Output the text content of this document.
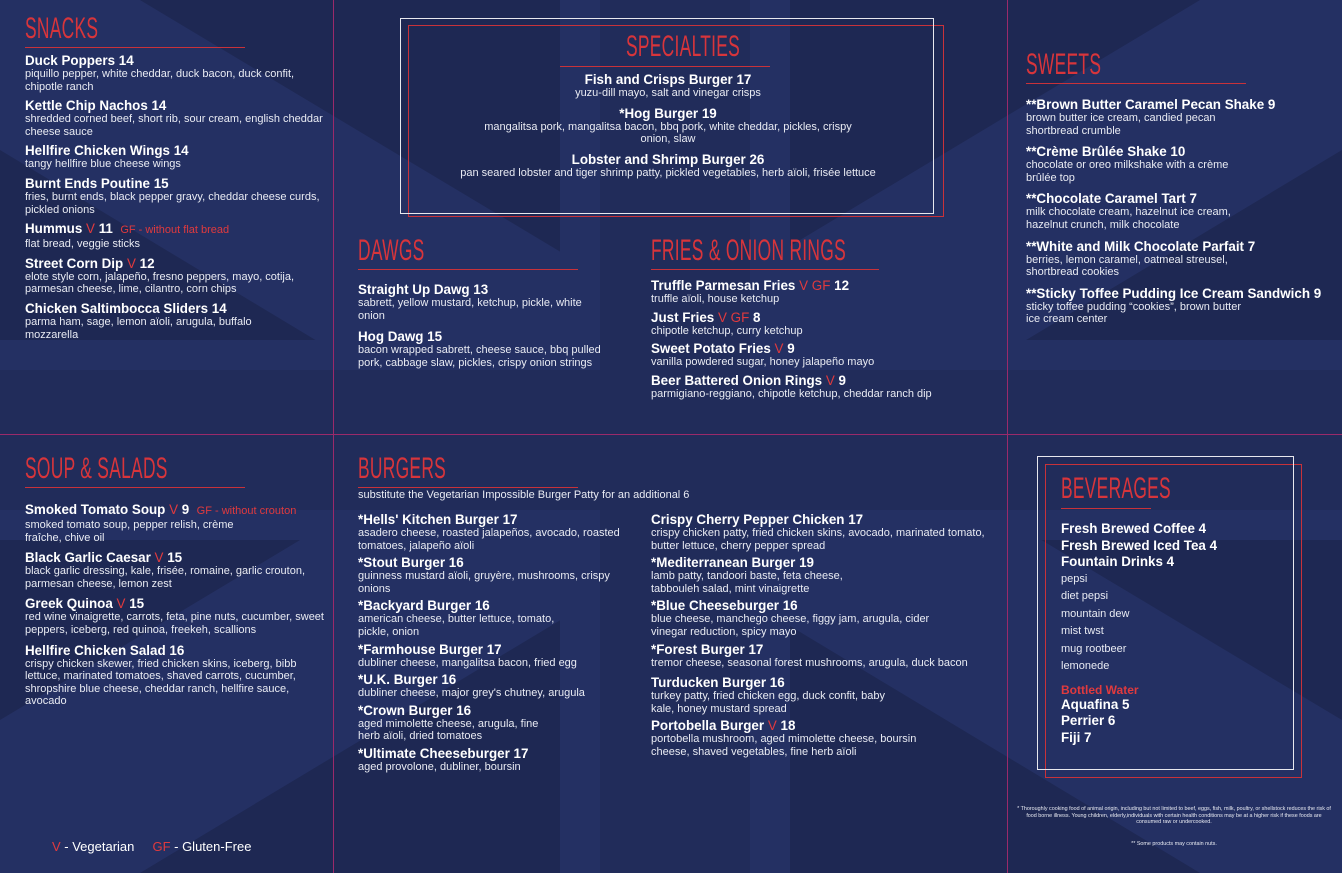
SNACKS
Duck Poppers 14
piquillo pepper, white cheddar, duck bacon, duck confit, chipotle ranch
Kettle Chip Nachos 14
shredded corned beef, short rib, sour cream, english cheddar cheese sauce
Hellfire Chicken Wings 14
tangy hellfire blue cheese wings
Burnt Ends Poutine 15
fries, burnt ends, black pepper gravy, cheddar cheese curds, pickled onions
Hummus V 11 GF - without flat bread
flat bread, veggie sticks
Street Corn Dip V 12
elote style corn, jalapeño, fresno peppers, mayo, cotija, parmesan cheese, lime, cilantro, corn chips
Chicken Saltimbocca Sliders 14
parma ham, sage, lemon aïoli, arugula, buffalo mozzarella
SPECIALTIES
Fish and Crisps Burger 17
yuzu-dill mayo, salt and vinegar crisps
*Hog Burger 19
mangalitsa pork, mangalitsa bacon, bbq pork, white cheddar, pickles, crispy onion, slaw
Lobster and Shrimp Burger 26
pan seared lobster and tiger shrimp patty, pickled vegetables, herb aïoli, frisée lettuce
DAWGS
Straight Up Dawg 13
sabrett, yellow mustard, ketchup, pickle, white onion
Hog Dawg 15
bacon wrapped sabrett, cheese sauce, bbq pulled pork, cabbage slaw, pickles, crispy onion strings
FRIES & ONION RINGS
Truffle Parmesan Fries V GF 12
truffle aïoli, house ketchup
Just Fries V GF 8
chipotle ketchup, curry ketchup
Sweet Potato Fries V 9
vanilla powdered sugar, honey jalapeño mayo
Beer Battered Onion Rings V 9
parmigiano-reggiano, chipotle ketchup, cheddar ranch dip
SWEETS
**Brown Butter Caramel Pecan Shake 9
brown butter ice cream, candied pecan shortbread crumble
**Crème Brûlée Shake 10
chocolate or oreo milkshake with a crème brûlée top
**Chocolate Caramel Tart 7
milk chocolate cream, hazelnut ice cream, hazelnut crunch, milk chocolate
**White and Milk Chocolate Parfait 7
berries, lemon caramel, oatmeal streusel, shortbread cookies
**Sticky Toffee Pudding Ice Cream Sandwich 9
sticky toffee pudding “cookies”, brown butter ice cream center
SOUP & SALADS
Smoked Tomato Soup V 9 GF - without crouton
smoked tomato soup, pepper relish, crème fraîche, chive oil
Black Garlic Caesar V 15
black garlic dressing, kale, frisée, romaine, garlic crouton, parmesan cheese, lemon zest
Greek Quinoa V 15
red wine vinaigrette, carrots, feta, pine nuts, cucumber, sweet peppers, iceberg, red quinoa, freekeh, scallions
Hellfire Chicken Salad 16
crispy chicken skewer, fried chicken skins, iceberg, bibb lettuce, marinated tomatoes, shaved carrots, cucumber, shropshire blue cheese, cheddar ranch, hellfire sauce, avocado
BURGERS
substitute the Vegetarian Impossible Burger Patty for an additional 6
*Hells' Kitchen Burger 17
asadero cheese, roasted jalapeños, avocado, roasted tomatoes, jalapeño aïoli
*Stout Burger 16
guinness mustard aïoli, gruyère, mushrooms, crispy onions
*Backyard Burger 16
american cheese, butter lettuce, tomato, pickle, onion
*Farmhouse Burger 17
dubliner cheese, mangalitsa bacon, fried egg
*U.K. Burger 16
dubliner cheese, major grey's chutney, arugula
*Crown Burger 16
aged mimolette cheese, arugula, fine herb aïoli, dried tomatoes
*Ultimate Cheeseburger 17
aged provolone, dubliner, boursin
Crispy Cherry Pepper Chicken 17
crispy chicken patty, fried chicken skins, avocado, marinated tomato, butter lettuce, cherry pepper spread
*Mediterranean Burger 19
lamb patty, tandoori baste, feta cheese, tabbouleh salad, mint vinaigrette
*Blue Cheeseburger 16
blue cheese, manchego cheese, figgy jam, arugula, cider vinegar reduction, spicy mayo
*Forest Burger 17
tremor cheese, seasonal forest mushrooms, arugula, duck bacon
Turducken Burger 16
turkey patty, fried chicken egg, duck confit, baby kale, honey mustard spread
Portobella Burger V 18
portobella mushroom, aged mimolette cheese, boursin cheese, shaved vegetables, fine herb aïoli
BEVERAGES
Fresh Brewed Coffee 4
Fresh Brewed Iced Tea 4
Fountain Drinks 4
pepsi
diet pepsi
mountain dew
mist twst
mug rootbeer
lemonede
Bottled Water
Aquafina 5
Perrier 6
Fiji 7
V - Vegetarian GF - Gluten-Free
* Thoroughly cooking food of animal origin, including but not limited to beef, eggs, fish, milk, poultry, or shellstock reduces the risk of food borne illness. Young children, elderly,individuals with certain health conditions may be at a higher risk if these foods are consumed raw or undercooked.
** Some products may contain nuts.
